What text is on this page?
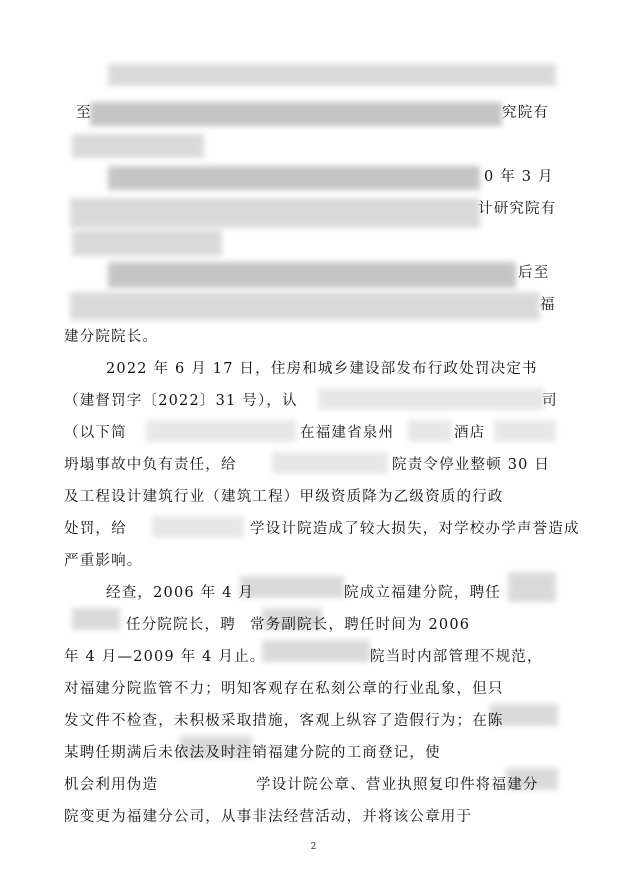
至	究院有
0 年 3 月
计研究院有
后至
福
建分院院长。
2022 年 6 月 17 日，住房和城乡建设部发布行政处罚决定书
（建督罚字〔2022〕31 号），认	司
（以下简	在福建省泉州	酒店
坍塌事故中负有责任，给	院责令停业整顿 30 日
及工程设计建筑行业（建筑工程）甲级资质降为乙级资质的行政
处罚，给	学设计院造成了较大损失，对学校办学声誉造成
严重影响。
经查，2006 年 4 月	院成立福建分院，聘任
任分院院长，聘 常务副院长，聘任时间为 2006
年 4 月—2009 年 4 月止。	院当时内部管理不规范，
对福建分院监管不力；明知客观存在私刻公章的行业乱象，但只
发文件不检查，未积极采取措施，客观上纵容了造假行为；在陈
某聘任期满后未依法及时注销福建分院的工商登记，使
机会利用伪造	学设计院公章、营业执照复印件将福建分
院变更为福建分公司，从事非法经营活动，并将该公章用于
2
